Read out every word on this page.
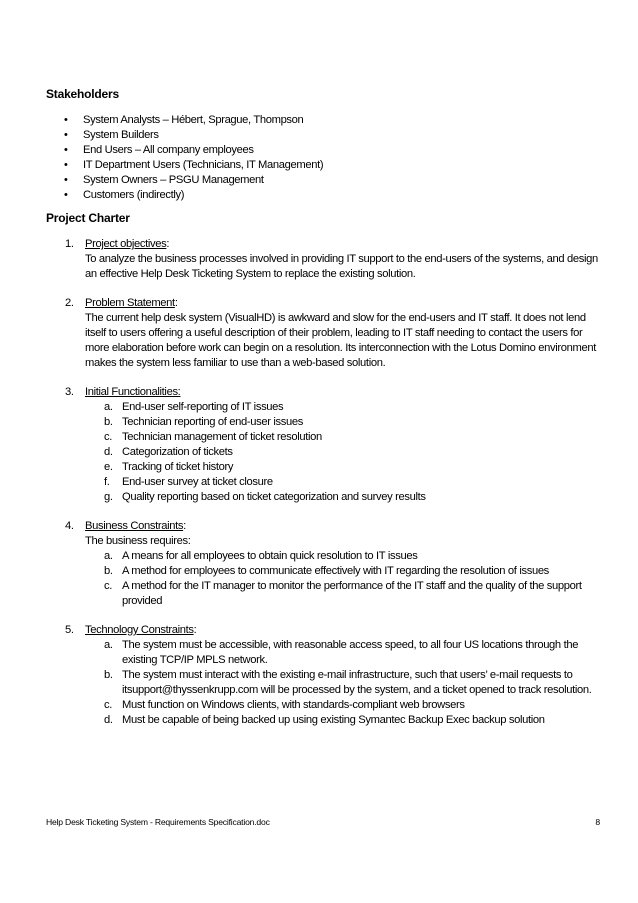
Stakeholders
• System Analysts – Hébert, Sprague, Thompson
• System Builders
• End Users – All company employees
• IT Department Users (Technicians, IT Management)
• System Owners – PSGU Management
• Customers (indirectly)
Project Charter
1. Project objectives:
To analyze the business processes involved in providing IT support to the end-users of the systems, and design an effective Help Desk Ticketing System to replace the existing solution.
2. Problem Statement:
The current help desk system (VisualHD) is awkward and slow for the end-users and IT staff. It does not lend itself to users offering a useful description of their problem, leading to IT staff needing to contact the users for more elaboration before work can begin on a resolution. Its interconnection with the Lotus Domino environment makes the system less familiar to use than a web-based solution.
3. Initial Functionalities:
a. End-user self-reporting of IT issues
b. Technician reporting of end-user issues
c. Technician management of ticket resolution
d. Categorization of tickets
e. Tracking of ticket history
f. End-user survey at ticket closure
g. Quality reporting based on ticket categorization and survey results
4. Business Constraints:
The business requires:
a. A means for all employees to obtain quick resolution to IT issues
b. A method for employees to communicate effectively with IT regarding the resolution of issues
c. A method for the IT manager to monitor the performance of the IT staff and the quality of the support provided
5. Technology Constraints:
a. The system must be accessible, with reasonable access speed, to all four US locations through the existing TCP/IP MPLS network.
b. The system must interact with the existing e-mail infrastructure, such that users’ e-mail requests to itsupport@thyssenkrupp.com will be processed by the system, and a ticket opened to track resolution.
c. Must function on Windows clients, with standards-compliant web browsers
d. Must be capable of being backed up using existing Symantec Backup Exec backup solution
Help Desk Ticketing System - Requirements Specification.doc	8
